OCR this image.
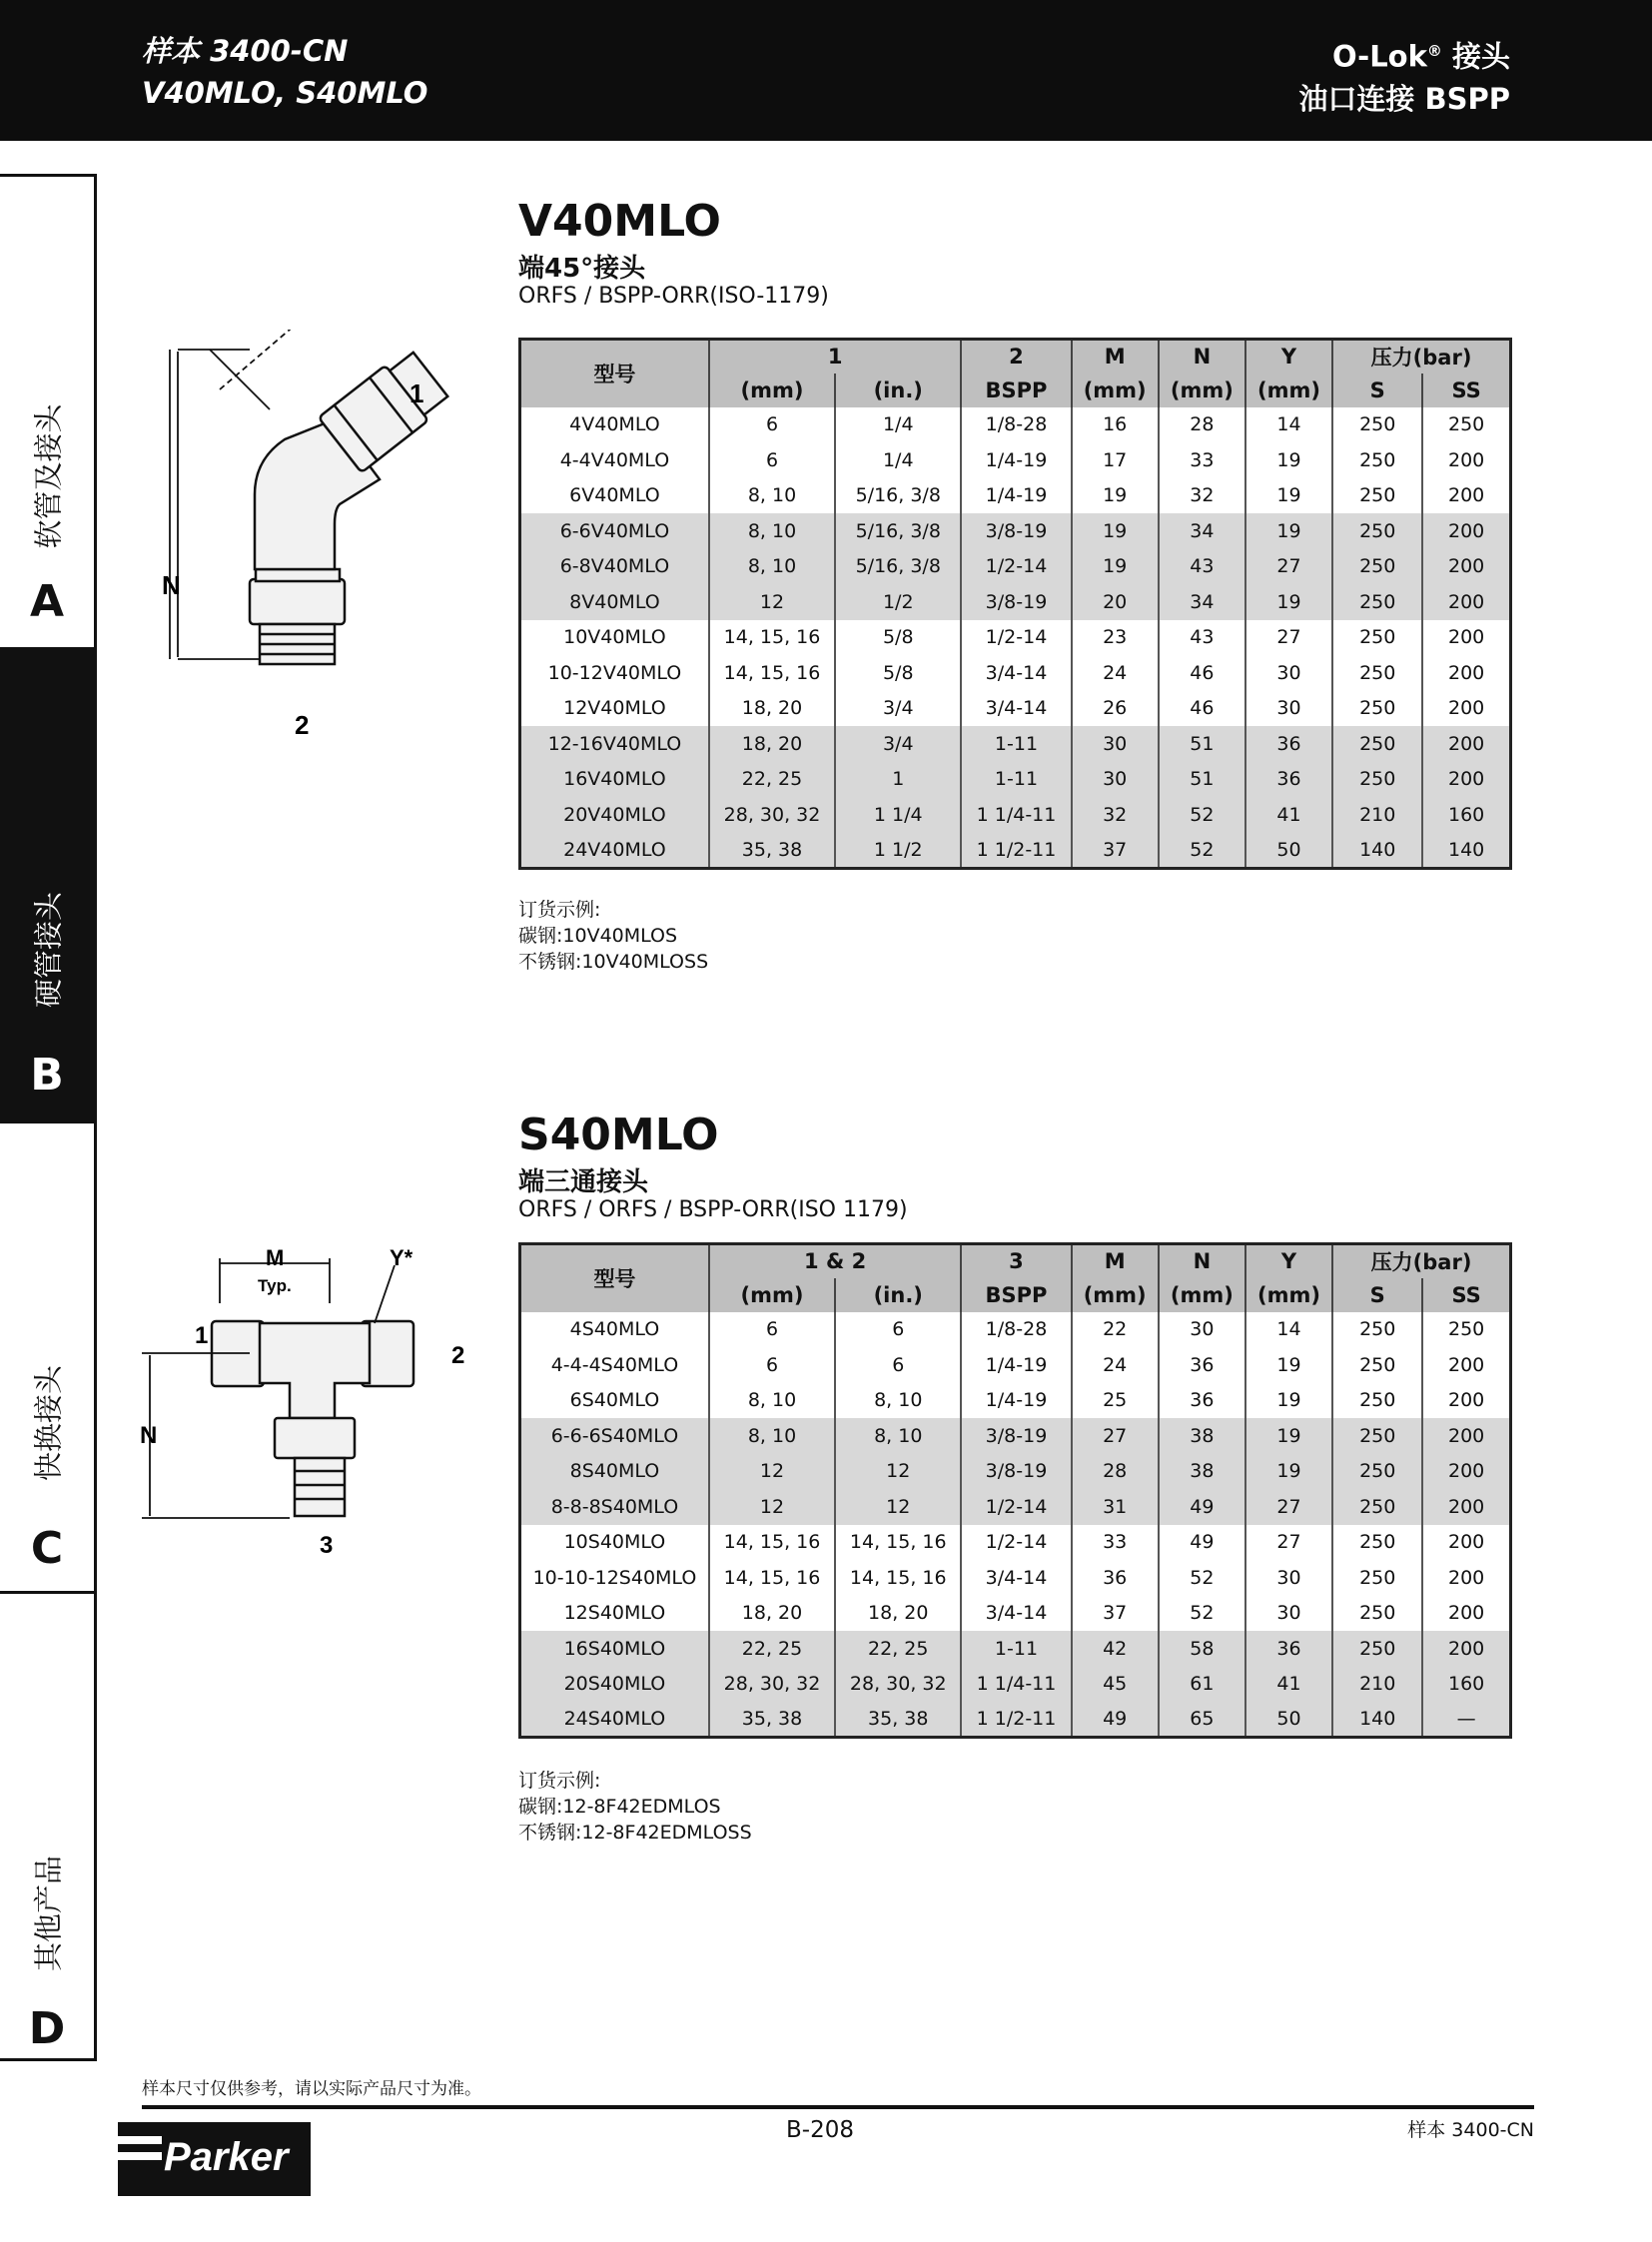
样本 3400-CN
V40MLO, S40MLO
O-Lok® 接头
油口连接 BSPP
软管及接头
A
硬管接头
B
快换接头
C
其他产品
D
N
2
1
V40MLO
端45°接头
ORFS / BSPP-ORR(ISO-1179)
型号	1		2	M	N	Y	压力(bar)	
	(mm)	(in.)	BSPP	(mm)	(mm)	(mm)	S	SS
4V40MLO	6	1/4	1/8-28	16	28	14	250	250
4-4V40MLO	6	1/4	1/4-19	17	33	19	250	200
6V40MLO	8, 10	5/16, 3/8	1/4-19	19	32	19	250	200
6-6V40MLO	8, 10	5/16, 3/8	3/8-19	19	34	19	250	200
6-8V40MLO	8, 10	5/16, 3/8	1/2-14	19	43	27	250	200
8V40MLO	12	1/2	3/8-19	20	34	19	250	200
10V40MLO	14, 15, 16	5/8	1/2-14	23	43	27	250	200
10-12V40MLO	14, 15, 16	5/8	3/4-14	24	46	30	250	200
12V40MLO	18, 20	3/4	3/4-14	26	46	30	250	200
12-16V40MLO	18, 20	3/4	1-11	30	51	36	250	200
16V40MLO	22, 25	1	1-11	30	51	36	250	200
20V40MLO	28, 30, 32	1 1/4	1 1/4-11	32	52	41	210	160
24V40MLO	35, 38	1 1/2	1 1/2-11	37	52	50	140	140
订货示例:
碳钢:10V40MLOS
不锈钢:10V40MLOSS
M
Typ.
Y*
N
1
2
3
S40MLO
端三通接头
ORFS / ORFS / BSPP-ORR(ISO 1179)
型号	1 & 2		3	M	N	Y	压力(bar)	
	(mm)	(in.)	BSPP	(mm)	(mm)	(mm)	S	SS
4S40MLO	6	6	1/8-28	22	30	14	250	250
4-4-4S40MLO	6	6	1/4-19	24	36	19	250	200
6S40MLO	8, 10	8, 10	1/4-19	25	36	19	250	200
6-6-6S40MLO	8, 10	8, 10	3/8-19	27	38	19	250	200
8S40MLO	12	12	3/8-19	28	38	19	250	200
8-8-8S40MLO	12	12	1/2-14	31	49	27	250	200
10S40MLO	14, 15, 16	14, 15, 16	1/2-14	33	49	27	250	200
10-10-12S40MLO	14, 15, 16	14, 15, 16	3/4-14	36	52	30	250	200
12S40MLO	18, 20	18, 20	3/4-14	37	52	30	250	200
16S40MLO	22, 25	22, 25	1-11	42	58	36	250	200
20S40MLO	28, 30, 32	28, 30, 32	1 1/4-11	45	61	41	210	160
24S40MLO	35, 38	35, 38	1 1/2-11	49	65	50	140	—
订货示例:
碳钢:12-8F42EDMLOS
不锈钢:12-8F42EDMLOSS
样本尺寸仅供参考，请以实际产品尺寸为准。
B-208	样本 3400-CN
Parker
